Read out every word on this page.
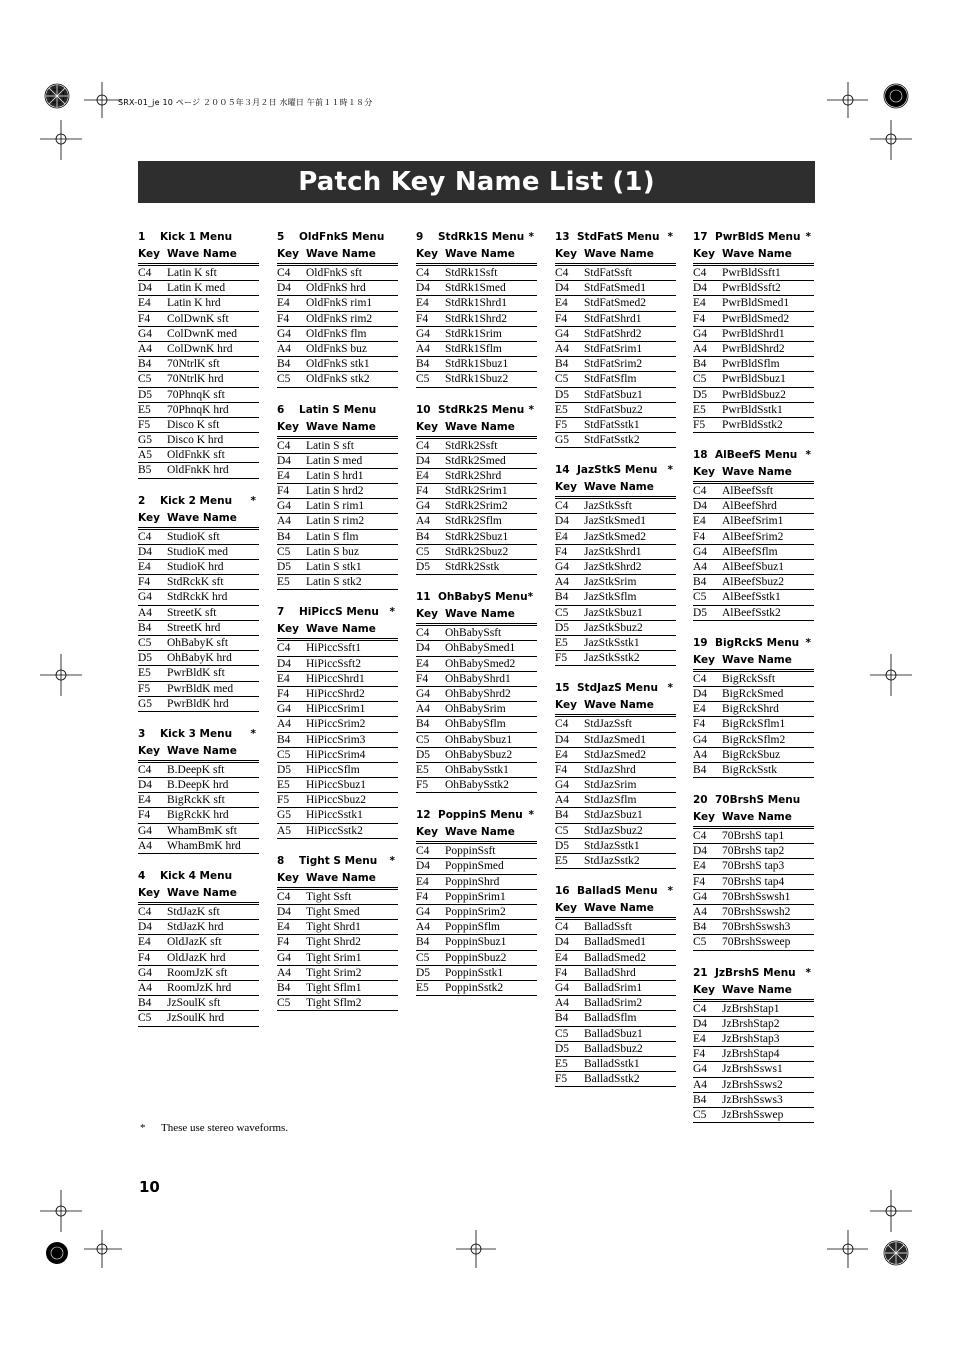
SRX-01_je 10 ページ ２００５年３月２日 水曜日 午前１１時１８分
Patch Key Name List (1)
1 Kick 1 Menu
Key Wave Name
C4	Latin K sft
D4	Latin K med
E4	Latin K hrd
F4	ColDwnK sft
G4	ColDwnK med
A4	ColDwnK hrd
B4	70NtrlK sft
C5	70NtrlK hrd
D5	70PhnqK sft
E5	70PhnqK hrd
F5	Disco K sft
G5	Disco K hrd
A5	OldFnkK sft
B5	OldFnkK hrd
2 Kick 2 Menu *
Key Wave Name
C4	StudioK sft
D4	StudioK med
E4	StudioK hrd
F4	StdRckK sft
G4	StdRckK hrd
A4	StreetK sft
B4	StreetK hrd
C5	OhBabyK sft
D5	OhBabyK hrd
E5	PwrBldK sft
F5	PwrBldK med
G5	PwrBldK hrd
3 Kick 3 Menu *
Key Wave Name
C4	B.DeepK sft
D4	B.DeepK hrd
E4	BigRckK sft
F4	BigRckK hrd
G4	WhamBmK sft
A4	WhamBmK hrd
4 Kick 4 Menu
Key Wave Name
C4	StdJazK sft
D4	StdJazK hrd
E4	OldJazK sft
F4	OldJazK hrd
G4	RoomJzK sft
A4	RoomJzK hrd
B4	JzSoulK sft
C5	JzSoulK hrd
5 OldFnkS Menu
Key Wave Name
C4	OldFnkS sft
D4	OldFnkS hrd
E4	OldFnkS rim1
F4	OldFnkS rim2
G4	OldFnkS flm
A4	OldFnkS buz
B4	OldFnkS stk1
C5	OldFnkS stk2
6 Latin S Menu
Key Wave Name
C4	Latin S sft
D4	Latin S med
E4	Latin S hrd1
F4	Latin S hrd2
G4	Latin S rim1
A4	Latin S rim2
B4	Latin S flm
C5	Latin S buz
D5	Latin S stk1
E5	Latin S stk2
7 HiPiccS Menu *
Key Wave Name
C4	HiPiccSsft1
D4	HiPiccSsft2
E4	HiPiccShrd1
F4	HiPiccShrd2
G4	HiPiccSrim1
A4	HiPiccSrim2
B4	HiPiccSrim3
C5	HiPiccSrim4
D5	HiPiccSflm
E5	HiPiccSbuz1
F5	HiPiccSbuz2
G5	HiPiccSstk1
A5	HiPiccSstk2
8 Tight S Menu *
Key Wave Name
C4	Tight Ssft
D4	Tight Smed
E4	Tight Shrd1
F4	Tight Shrd2
G4	Tight Srim1
A4	Tight Srim2
B4	Tight Sflm1
C5	Tight Sflm2
9 StdRk1S Menu *
Key Wave Name
C4	StdRk1Ssft
D4	StdRk1Smed
E4	StdRk1Shrd1
F4	StdRk1Shrd2
G4	StdRk1Srim
A4	StdRk1Sflm
B4	StdRk1Sbuz1
C5	StdRk1Sbuz2
10 StdRk2S Menu *
Key Wave Name
C4	StdRk2Ssft
D4	StdRk2Smed
E4	StdRk2Shrd
F4	StdRk2Srim1
G4	StdRk2Srim2
A4	StdRk2Sflm
B4	StdRk2Sbuz1
C5	StdRk2Sbuz2
D5	StdRk2Sstk
11 OhBabyS Menu*
Key Wave Name
C4	OhBabySsft
D4	OhBabySmed1
E4	OhBabySmed2
F4	OhBabyShrd1
G4	OhBabyShrd2
A4	OhBabySrim
B4	OhBabySflm
C5	OhBabySbuz1
D5	OhBabySbuz2
E5	OhBabySstk1
F5	OhBabySstk2
12 PoppinS Menu *
Key Wave Name
C4	PoppinSsft
D4	PoppinSmed
E4	PoppinShrd
F4	PoppinSrim1
G4	PoppinSrim2
A4	PoppinSflm
B4	PoppinSbuz1
C5	PoppinSbuz2
D5	PoppinSstk1
E5	PoppinSstk2
13 StdFatS Menu *
Key Wave Name
C4	StdFatSsft
D4	StdFatSmed1
E4	StdFatSmed2
F4	StdFatShrd1
G4	StdFatShrd2
A4	StdFatSrim1
B4	StdFatSrim2
C5	StdFatSflm
D5	StdFatSbuz1
E5	StdFatSbuz2
F5	StdFatSstk1
G5	StdFatSstk2
14 JazStkS Menu *
Key Wave Name
C4	JazStkSsft
D4	JazStkSmed1
E4	JazStkSmed2
F4	JazStkShrd1
G4	JazStkShrd2
A4	JazStkSrim
B4	JazStkSflm
C5	JazStkSbuz1
D5	JazStkSbuz2
E5	JazStkSstk1
F5	JazStkSstk2
15 StdJazS Menu *
Key Wave Name
C4	StdJazSsft
D4	StdJazSmed1
E4	StdJazSmed2
F4	StdJazShrd
G4	StdJazSrim
A4	StdJazSflm
B4	StdJazSbuz1
C5	StdJazSbuz2
D5	StdJazSstk1
E5	StdJazSstk2
16 BalladS Menu *
Key Wave Name
C4	BalladSsft
D4	BalladSmed1
E4	BalladSmed2
F4	BalladShrd
G4	BalladSrim1
A4	BalladSrim2
B4	BalladSflm
C5	BalladSbuz1
D5	BalladSbuz2
E5	BalladSstk1
F5	BalladSstk2
17 PwrBldS Menu *
Key Wave Name
C4	PwrBldSsft1
D4	PwrBldSsft2
E4	PwrBldSmed1
F4	PwrBldSmed2
G4	PwrBldShrd1
A4	PwrBldShrd2
B4	PwrBldSflm
C5	PwrBldSbuz1
D5	PwrBldSbuz2
E5	PwrBldSstk1
F5	PwrBldSstk2
18 AlBeefS Menu *
Key Wave Name
C4	AlBeefSsft
D4	AlBeefShrd
E4	AlBeefSrim1
F4	AlBeefSrim2
G4	AlBeefSflm
A4	AlBeefSbuz1
B4	AlBeefSbuz2
C5	AlBeefSstk1
D5	AlBeefSstk2
19 BigRckS Menu *
Key Wave Name
C4	BigRckSsft
D4	BigRckSmed
E4	BigRckShrd
F4	BigRckSflm1
G4	BigRckSflm2
A4	BigRckSbuz
B4	BigRckSstk
20 70BrshS Menu
Key Wave Name
C4	70BrshS tap1
D4	70BrshS tap2
E4	70BrshS tap3
F4	70BrshS tap4
G4	70BrshSswsh1
A4	70BrshSswsh2
B4	70BrshSswsh3
C5	70BrshSsweep
21 JzBrshS Menu *
Key Wave Name
C4	JzBrshStap1
D4	JzBrshStap2
E4	JzBrshStap3
F4	JzBrshStap4
G4	JzBrshSsws1
A4	JzBrshSsws2
B4	JzBrshSsws3
C5	JzBrshSswep
* These use stereo waveforms.
10
